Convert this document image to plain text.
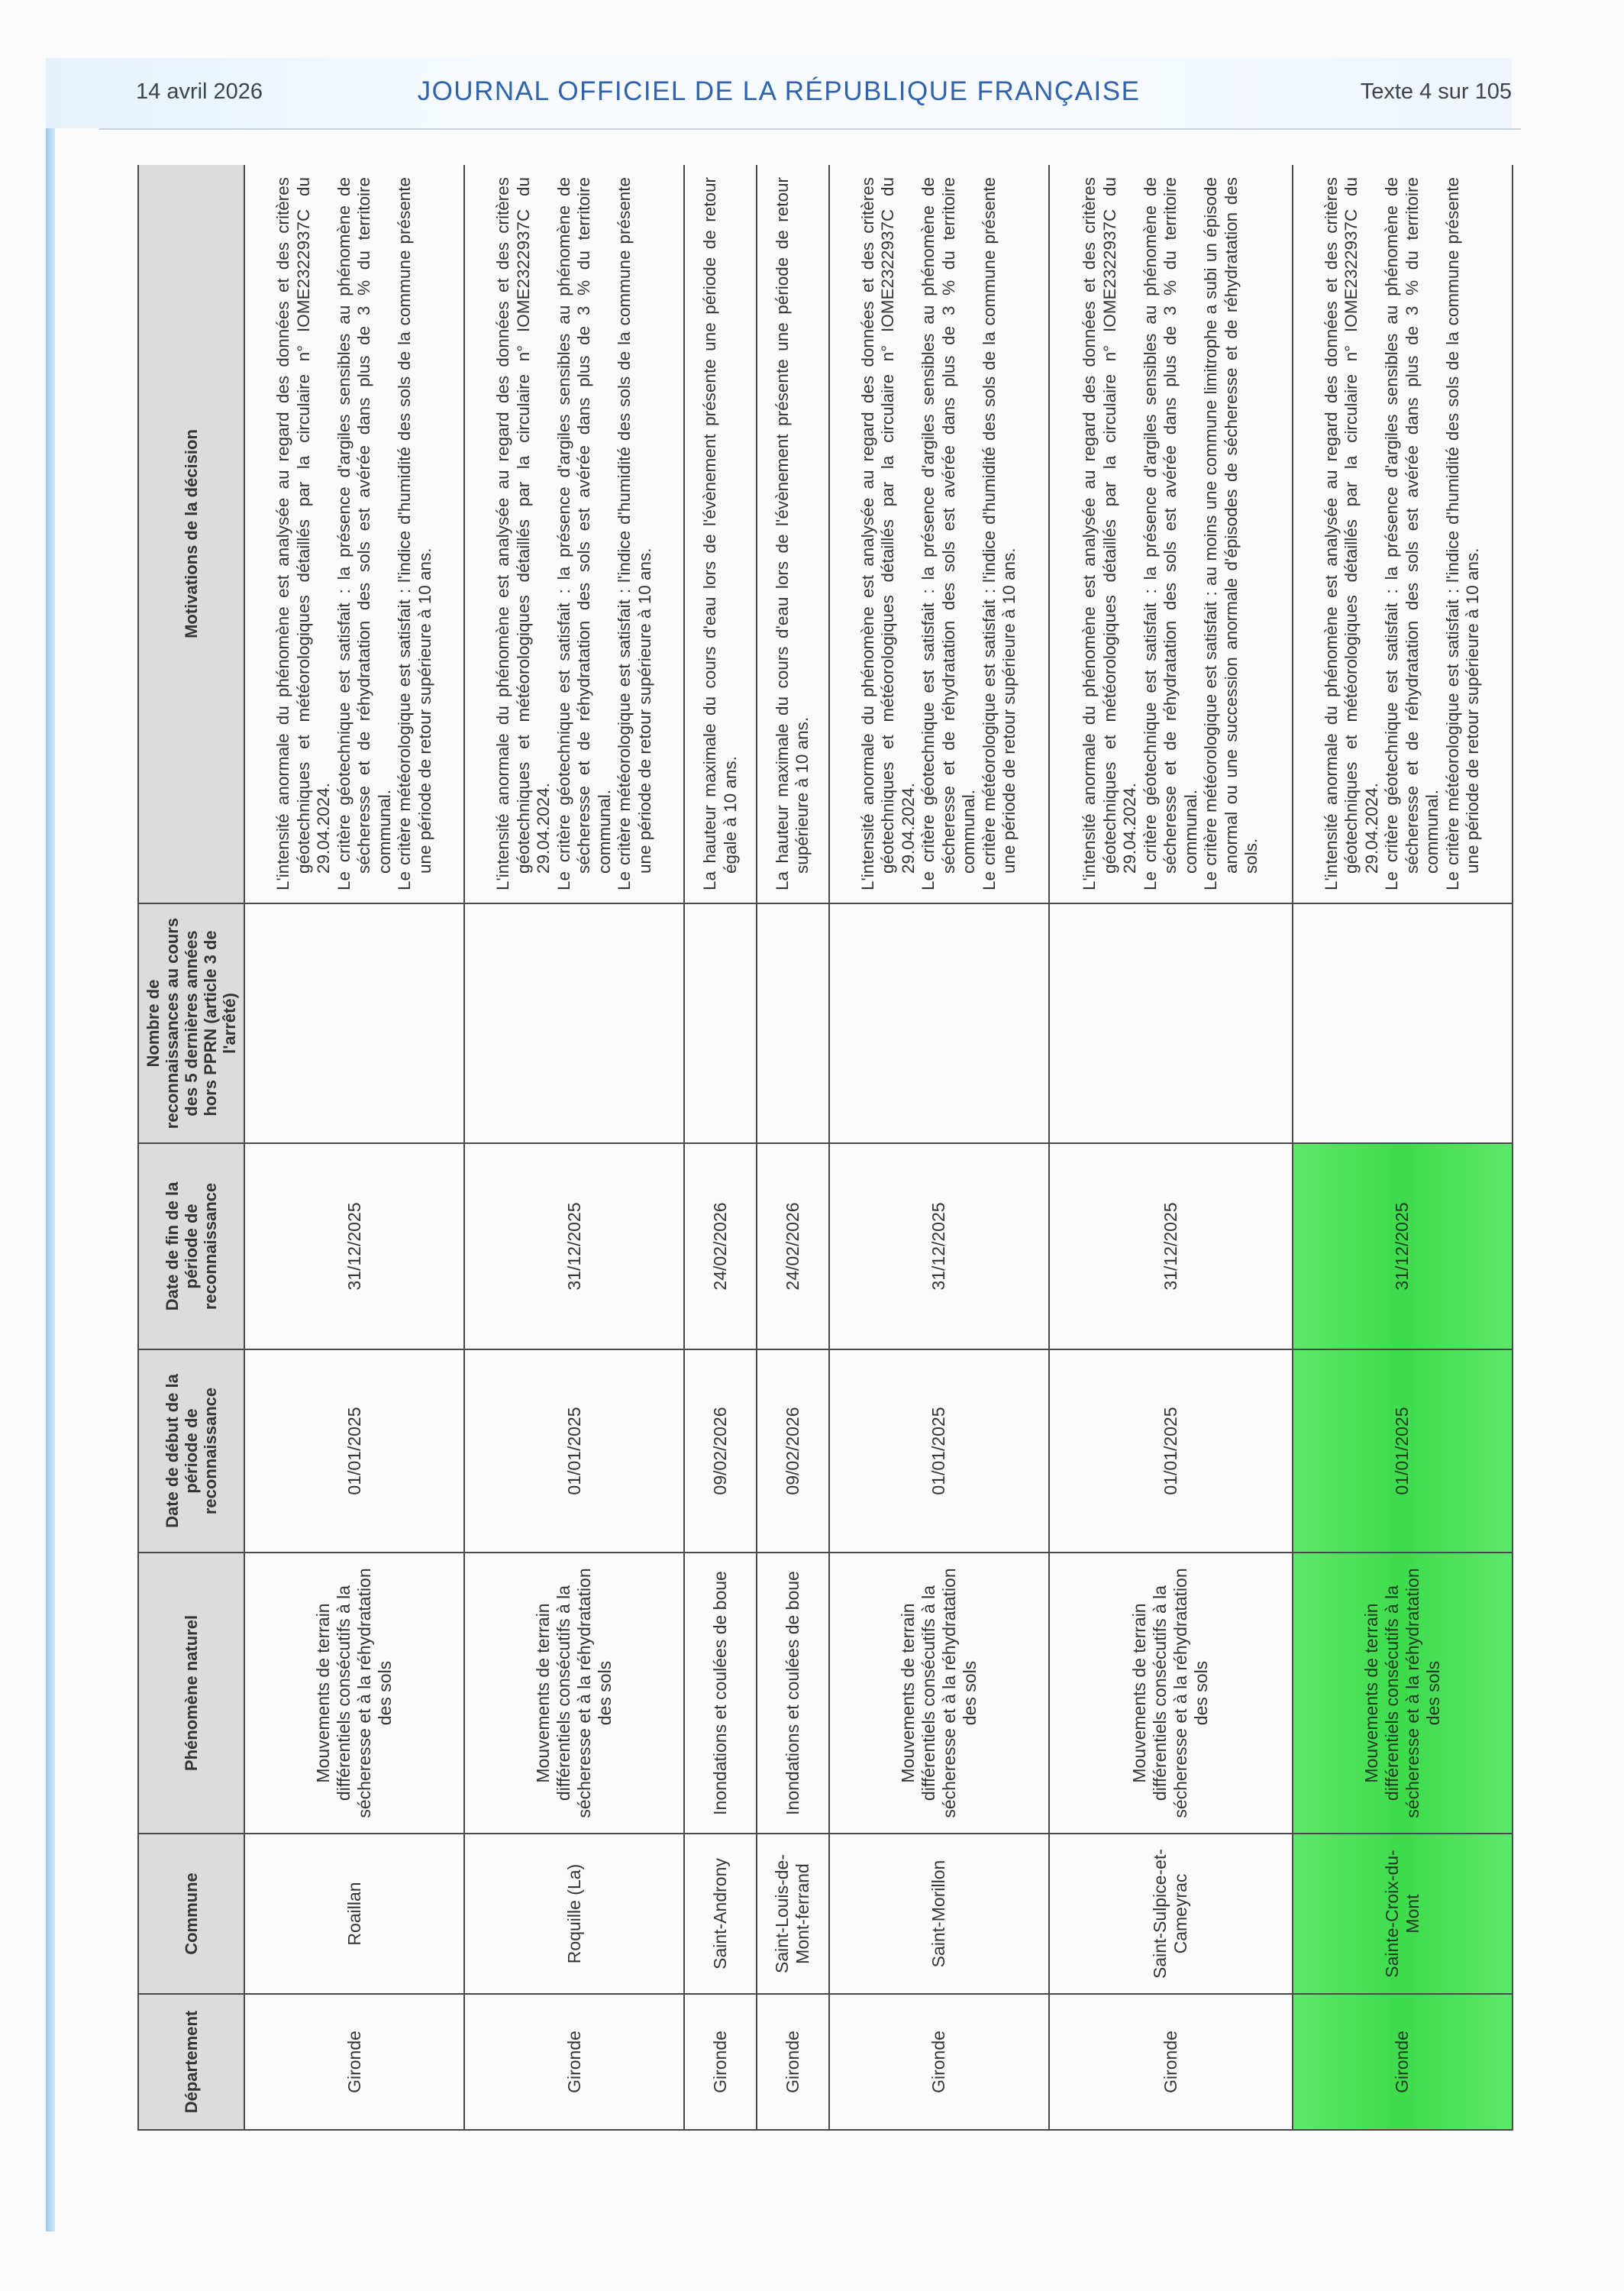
14 avril 2026	JOURNAL OFFICIEL DE LA RÉPUBLIQUE FRANÇAISE	Texte 4 sur 105
Département	Commune	Phénomène naturel	Date de début de la période de reconnaissance	Date de fin de la période de reconnaissance	Nombre de reconnaissances au cours des 5 dernières années hors PPRN (article 3 de l'arrêté)	Motivations de la décision
Gironde	Roaillan	Mouvements de terrain différentiels consécutifs à la sécheresse et à la réhydratation des sols	01/01/2025	31/12/2025		L'intensité anormale du phénomène est analysée au regard des données et des critères géotechniques et météorologiques détaillés par la circulaire n° IOME2322937C du 29.04.2024. Le critère géotechnique est satisfait : la présence d'argiles sensibles au phénomène de sécheresse et de réhydratation des sols est avérée dans plus de 3 % du territoire communal. Le critère météorologique est satisfait : l'indice d'humidité des sols de la commune présente une période de retour supérieure à 10 ans.

Gironde	Roquille (La)	Mouvements de terrain différentiels consécutifs à la sécheresse et à la réhydratation des sols	01/01/2025	31/12/2025		L'intensité anormale du phénomène est analysée au regard des données et des critères géotechniques et météorologiques détaillés par la circulaire n° IOME2322937C du 29.04.2024. Le critère géotechnique est satisfait : la présence d'argiles sensibles au phénomène de sécheresse et de réhydratation des sols est avérée dans plus de 3 % du territoire communal. Le critère météorologique est satisfait : l'indice d'humidité des sols de la commune présente une période de retour supérieure à 10 ans.

Gironde	Saint-Androny	Inondations et coulées de boue	09/02/2026	24/02/2026		La hauteur maximale du cours d'eau lors de l'évènement présente une période de retour égale à 10 ans.

Gironde	Saint-Louis-de-Mont-ferrand	Inondations et coulées de boue	09/02/2026	24/02/2026		La hauteur maximale du cours d'eau lors de l'évènement présente une période de retour supérieure à 10 ans.

Gironde	Saint-Morillon	Mouvements de terrain différentiels consécutifs à la sécheresse et à la réhydratation des sols	01/01/2025	31/12/2025		L'intensité anormale du phénomène est analysée au regard des données et des critères géotechniques et météorologiques détaillés par la circulaire n° IOME2322937C du 29.04.2024. Le critère géotechnique est satisfait : la présence d'argiles sensibles au phénomène de sécheresse et de réhydratation des sols est avérée dans plus de 3 % du territoire communal. Le critère météorologique est satisfait : l'indice d'humidité des sols de la commune présente une période de retour supérieure à 10 ans.

Gironde	Saint-Sulpice-et-Cameyrac	Mouvements de terrain différentiels consécutifs à la sécheresse et à la réhydratation des sols	01/01/2025	31/12/2025		L'intensité anormale du phénomène est analysée au regard des données et des critères géotechniques et météorologiques détaillés par la circulaire n° IOME2322937C du 29.04.2024. Le critère géotechnique est satisfait : la présence d'argiles sensibles au phénomène de sécheresse et de réhydratation des sols est avérée dans plus de 3 % du territoire communal. Le critère météorologique est satisfait : au moins une commune limitrophe a subi un épisode anormal ou une succession anormale d'épisodes de sécheresse et de réhydratation des sols.

Gironde	Sainte-Croix-du-Mont	Mouvements de terrain différentiels consécutifs à la sécheresse et à la réhydratation des sols	01/01/2025	31/12/2025		L'intensité anormale du phénomène est analysée au regard des données et des critères géotechniques et météorologiques détaillés par la circulaire n° IOME2322937C du 29.04.2024. Le critère géotechnique est satisfait : la présence d'argiles sensibles au phénomène de sécheresse et de réhydratation des sols est avérée dans plus de 3 % du territoire communal. Le critère météorologique est satisfait : l'indice d'humidité des sols de la commune présente une période de retour supérieure à 10 ans.
